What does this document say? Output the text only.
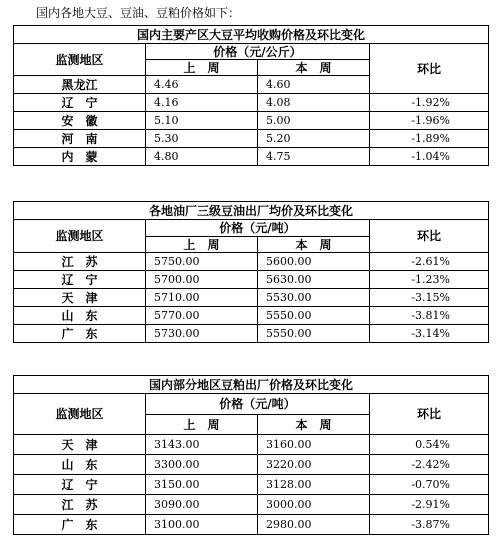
国内各地大豆、豆油、豆粕价格如下：
国内主要产区大豆平均收购价格及环比变化				
监测地区	价格（元/公斤）		环比	
	上　周	本　周		
黑龙江	4.46	4.60	
辽　宁	4.16	4.08	-1.92%	
安　徽	5.10	5.00	-1.96%	
河　南	5.30	5.20	-1.89%	
内　蒙	4.80	4.75	-1.04%	
各地油厂三级豆油出厂均价及环比变化			
监测地区	价格（元/吨）		环比
	上　周	本　周	
江　苏	5750.00	5600.00	-2.61%
辽　宁	5700.00	5630.00	-1.23%
天　津	5710.00	5530.00	-3.15%
山　东	5770.00	5550.00	-3.81%
广　东	5730.00	5550.00	-3.14%
国内部分地区豆粕出厂价格及环比变化			
监测地区	价格（元/吨）		环比
	上　周	本　周	
天　津	3143.00	3160.00	0.54%
山　东	3300.00	3220.00	-2.42%
辽　宁	3150.00	3128.00	-0.70%
江　苏	3090.00	3000.00	-2.91%
广　东	3100.00	2980.00	-3.87%
